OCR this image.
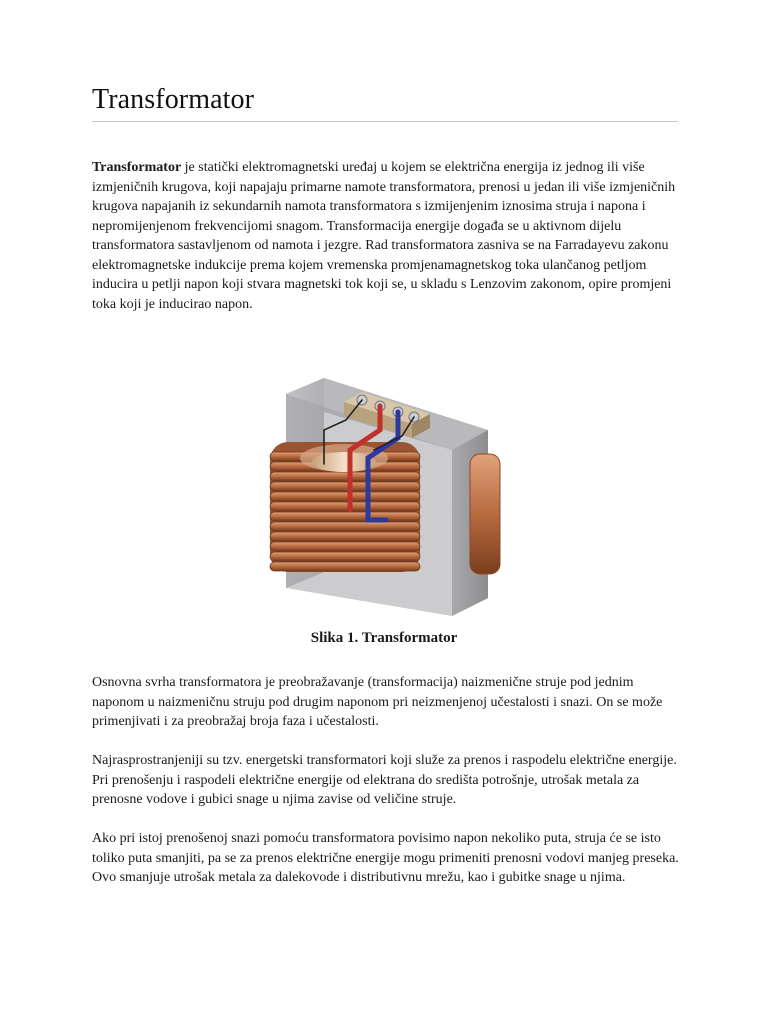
Transformator

Transformator je statički elektromagnetski uređaj u kojem se električna energija iz jednog ili više izmjeničnih krugova, koji napajaju primarne namote transformatora, prenosi u jedan ili više izmjeničnih krugova napajanih iz sekundarnih namota transformatora s izmijenjenim iznosima struja i napona i nepromijenjenom frekvencijomi snagom. Transformacija energije događa se u aktivnom dijelu transformatora sastavljenom od namota i jezgre. Rad transformatora zasniva se na Farradayevu zakonu elektromagnetske indukcije prema kojem vremenska promjenamagnetskog toka ulančanog petljom inducira u petlji napon koji stvara magnetski tok koji se, u skladu s Lenzovim zakonom, opire promjeni toka koji je inducirao napon.

Slika 1. Transformator

Osnovna svrha transformatora je preobražavanje (transformacija) naizmenične struje pod jednim naponom u naizmeničnu struju pod drugim naponom pri neizmenjenoj učestalosti i snazi. On se može primenjivati i za preobražaj broja faza i učestalosti.

Najrasprostranjeniji su tzv. energetski transformatori koji služe za prenos i raspodelu električne energije. Pri prenošenju i raspodeli električne energije od elektrana do središta potrošnje, utrošak metala za prenosne vodove i gubici snage u njima zavise od veličine struje.

Ako pri istoj prenošenoj snazi pomoću transformatora povisimo napon nekoliko puta, struja će se isto toliko puta smanjiti, pa se za prenos električne energije mogu primeniti prenosni vodovi manjeg preseka. Ovo smanjuje utrošak metala za dalekovode i distributivnu mrežu, kao i gubitke snage u njima.
